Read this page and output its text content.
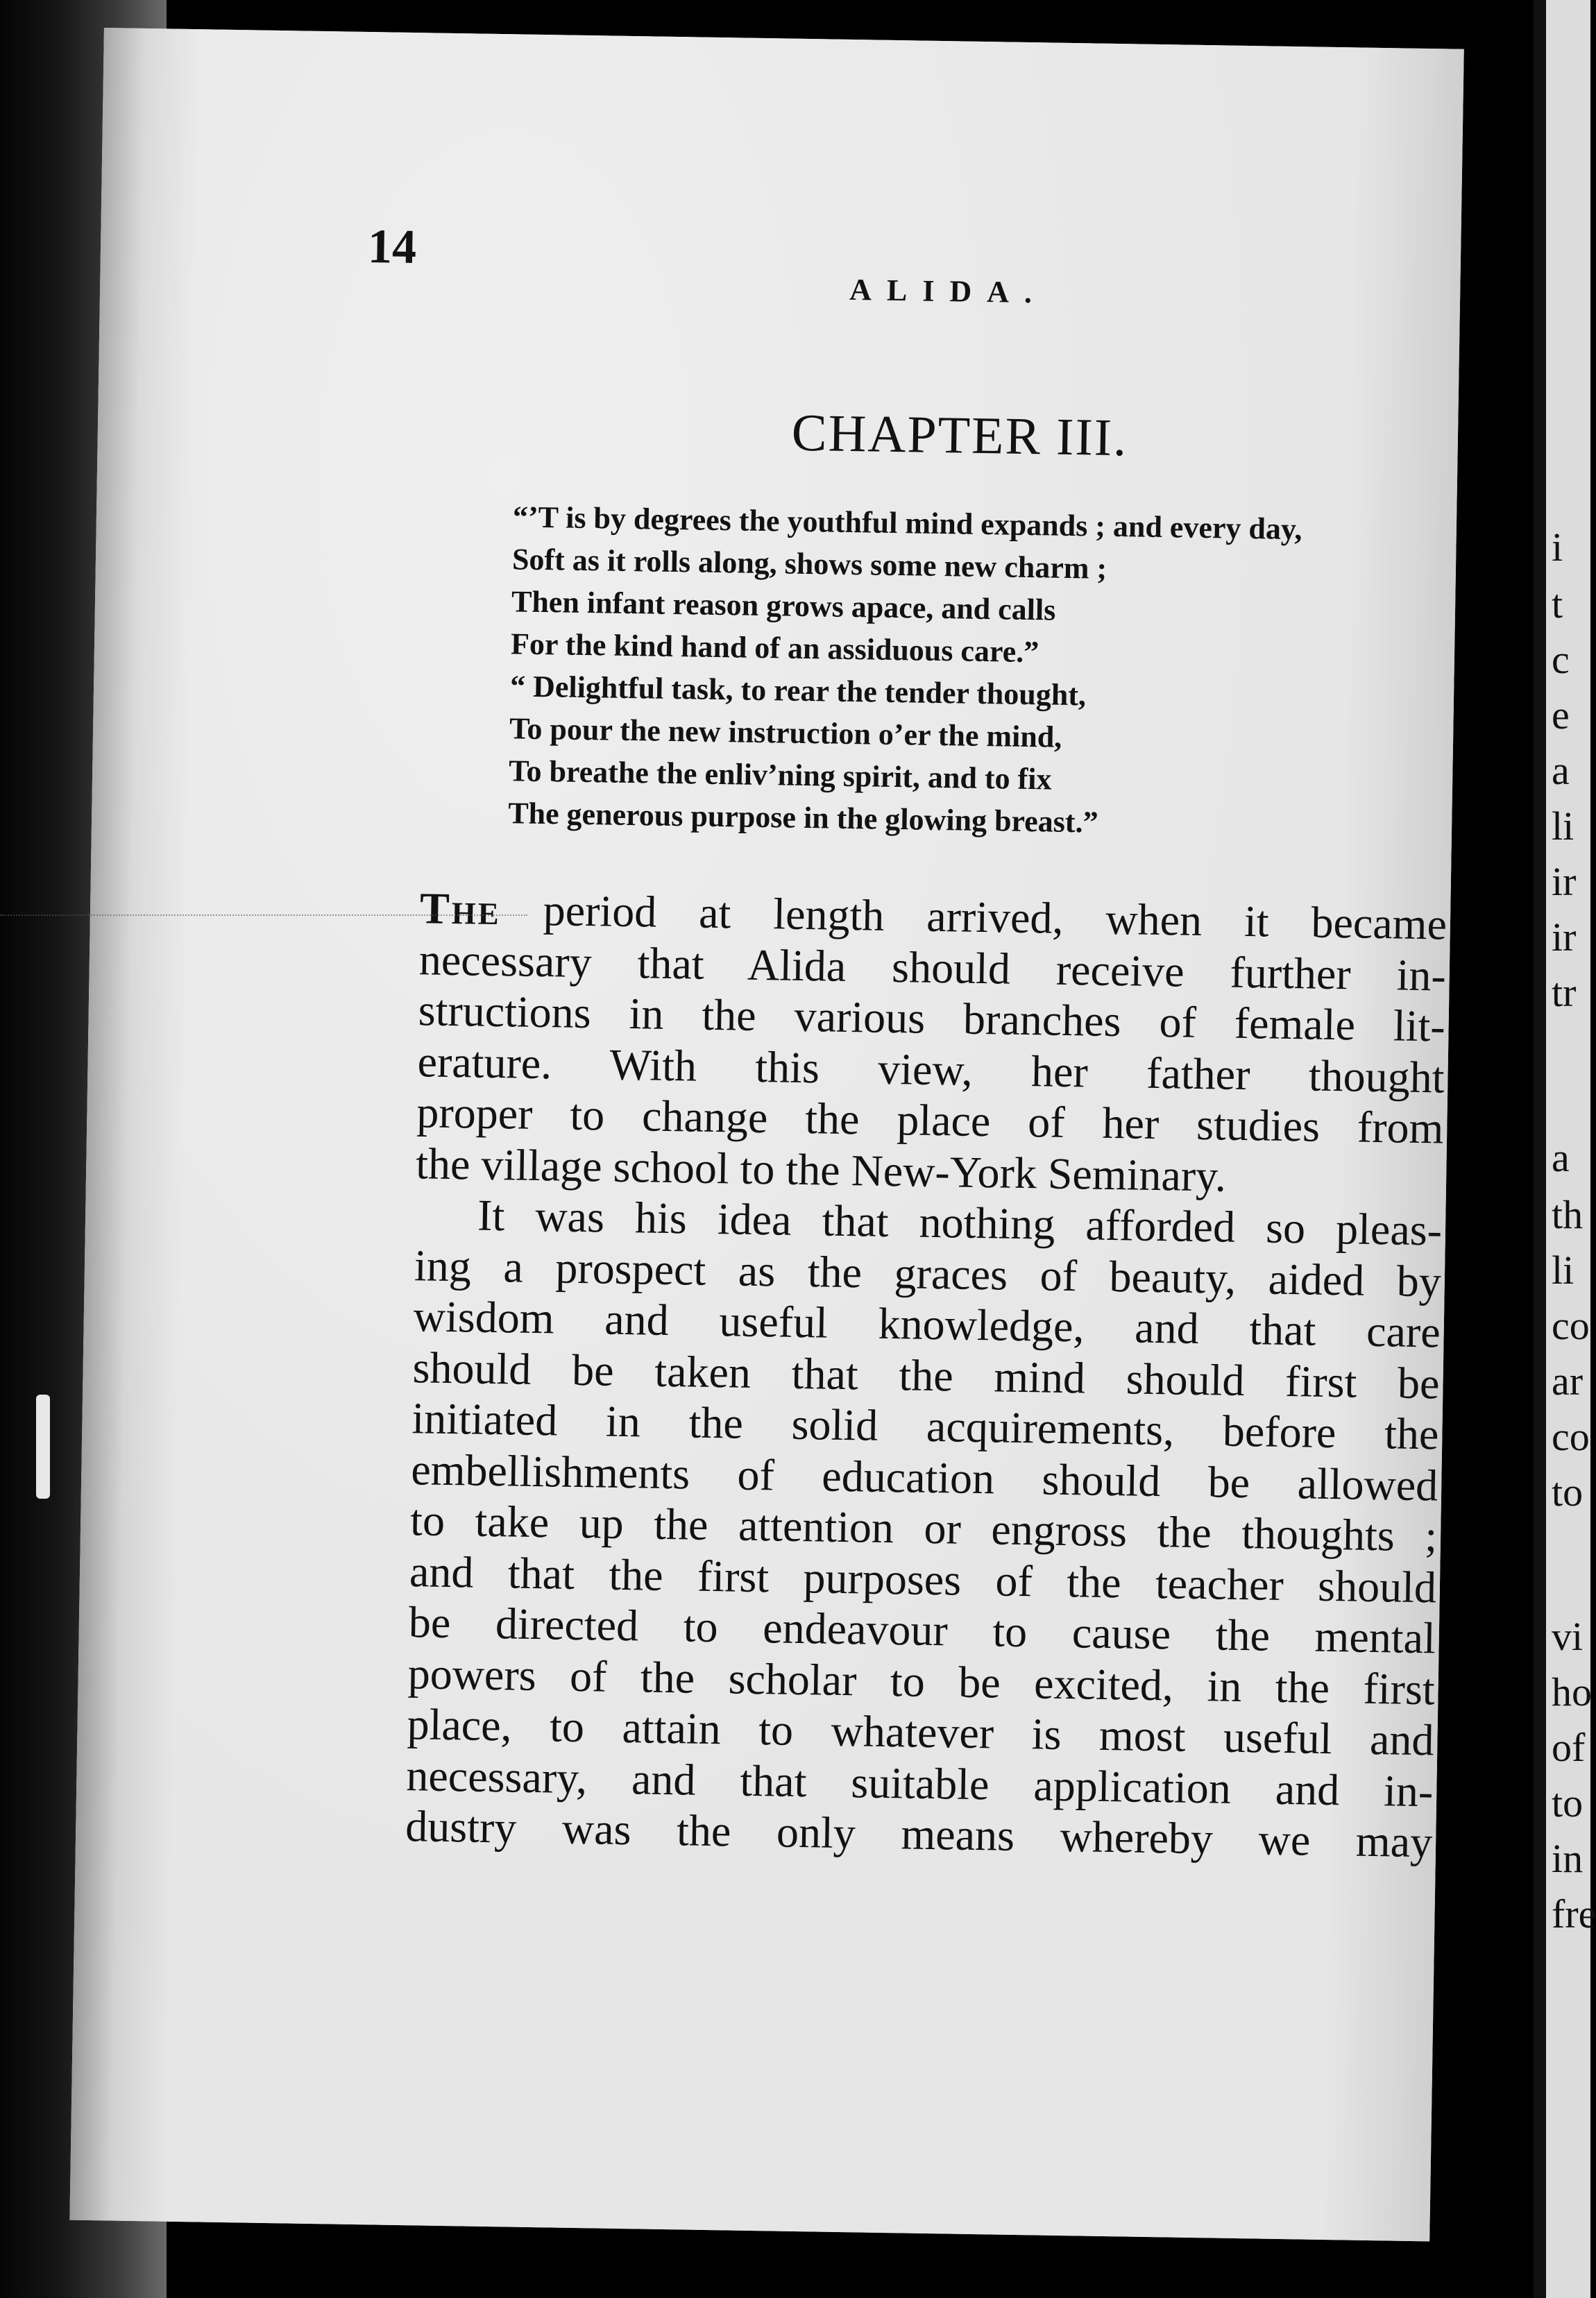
14
ALIDA.
CHAPTER III.
“’T is by degrees the youthful mind expands ; and every day,
Soft as it rolls along, shows some new charm ;
Then infant reason grows apace, and calls
For the kind hand of an assiduous care.”
“ Delightful task, to rear the tender thought,
To pour the new instruction o’er the mind,
To breathe the enliv’ning spirit, and to fix
The generous purpose in the glowing breast.”
The period at length arrived, when it became
necessary that Alida should receive further in-
structions in the various branches of female lit-
erature. With this view, her father thought
proper to change the place of her studies from
the village school to the New-York Seminary.
It was his idea that nothing afforded so pleas-
ing a prospect as the graces of beauty, aided by
wisdom and useful knowledge, and that care
should be taken that the mind should first be
initiated in the solid acquirements, before the
embellishments of education should be allowed
to take up the attention or engross the thoughts ;
and that the first purposes of the teacher should
be directed to endeavour to cause the mental
powers of the scholar to be excited, in the first
place, to attain to whatever is most useful and
necessary, and that suitable application and in-
dustry was the only means whereby we may
i
t
c
e
a
li
ir
ir
tr
a
th
li
co
ar
co
to
vi
ho
of
to
in
fre
